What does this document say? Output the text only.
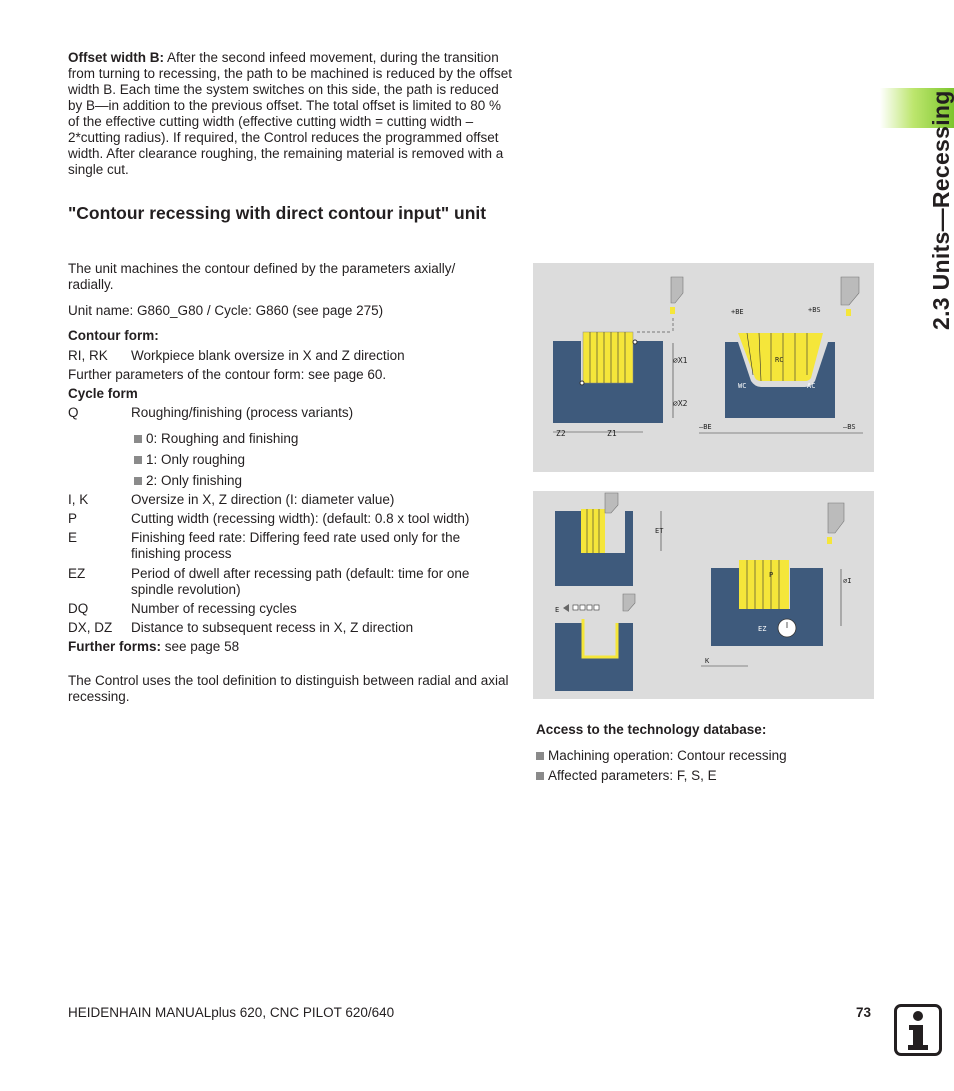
Offset width B: After the second infeed movement, during the transition from turning to recessing, the path to be machined is reduced by the offset width B. Each time the system switches on this side, the path is reduced by B—in addition to the previous offset. The total offset is limited to 80 % of the effective cutting width (effective cutting width = cutting width –2*cutting radius). If required, the Control reduces the programmed offset width. After clearance roughing, the remaining material is removed with a single cut.
"Contour recessing with direct contour input" unit
The unit machines the contour defined by the parameters axially/ radially.
Unit name: G860_G80 / Cycle: G860 (see page 275)
Contour form:
RI, RK Workpiece blank oversize in X and Z direction
Further parameters of the contour form: see page 60.
Cycle form
Q	Roughing/finishing (process variants)
0: Roughing and finishing
1: Only roughing
2: Only finishing
I, K	Oversize in X, Z direction (I: diameter value)
P	Cutting width (recessing width): (default: 0.8 x tool width)
E	Finishing feed rate: Differing feed rate used only for the finishing process
EZ	Period of dwell after recessing path (default: time for one spindle revolution)
DQ	Number of recessing cycles
DX, DZ Distance to subsequent recess in X, Z direction
Further forms: see page 58
The Control uses the tool definition to distinguish between radial and axial recessing.
⌀X1
⌀X2
Z2	Z1
+BE	+BS
RC
WC	AC
–BE	–BS
ET
E
P
⌀I
EZ
K
Access to the technology database:
Machining operation: Contour recessing
Affected parameters: F, S, E
2.3 Units—Recessing
HEIDENHAIN MANUALplus 620, CNC PILOT 620/640	73
